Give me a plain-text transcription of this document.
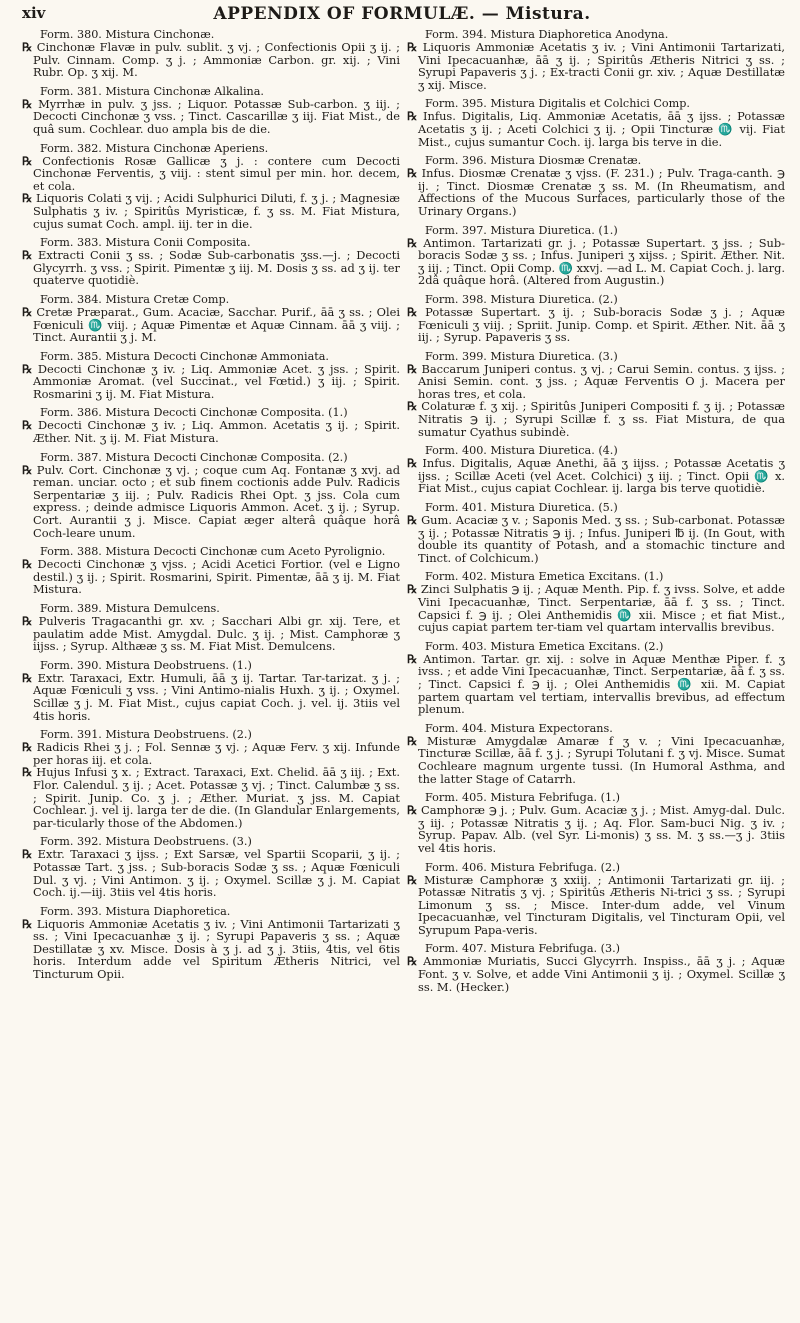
xiv	APPENDIX OF FORMULÆ. — Mistura.
Form. 380. Mistura Cinchonæ.
℞ Cinchonæ Flavæ in pulv. sublit. ʒ vj. ; Confectionis Opii ʒ ij. ; Pulv. Cinnam. Comp. ʒ j. ; Ammoniæ Carbon. gr. xij. ; Vini Rubr. Op. ʒ xij. M.
Form. 381. Mistura Cinchonæ Alkalina.
℞ Myrrhæ in pulv. ʒ jss. ; Liquor. Potassæ Sub-carbon. ʒ iij. ; Decocti Cinchonæ ʒ vss. ; Tinct. Cascarillæ ʒ iij. Fiat Mist., de quâ sum. Cochlear. duo ampla bis de die.
Form. 382. Mistura Cinchonæ Aperiens.
℞ Confectionis Rosæ Gallicæ ʒ j. : contere cum Decocti Cinchonæ Ferventis, ʒ viij. : stent simul per min. hor. decem, et cola.
℞ Liquoris Colati ʒ vij. ; Acidi Sulphurici Diluti, f. ʒ j. ; Magnesiæ Sulphatis ʒ iv. ; Spiritûs Myristicæ, f. ʒ ss. M. Fiat Mistura, cujus sumat Coch. ampl. iij. ter in die.
Form. 383. Mistura Conii Composita.
℞ Extracti Conii ʒ ss. ; Sodæ Sub-carbonatis ʒss.—j. ; Decocti Glycyrrh. ʒ vss. ; Spirit. Pimentæ ʒ iij. M. Dosis ʒ ss. ad ʒ ij. ter quaterve quotidiè.
Form. 384. Mistura Cretæ Comp.
℞ Cretæ Præparat., Gum. Acaciæ, Sacchar. Purif., āā ʒ ss. ; Olei Fœniculi ♏ viij. ; Aquæ Pimentæ et Aquæ Cinnam. āā ʒ viij. ; Tinct. Aurantii ʒ j. M.
Form. 385. Mistura Decocti Cinchonæ Ammoniata.
℞ Decocti Cinchonæ ʒ iv. ; Liq. Ammoniæ Acet. ʒ jss. ; Spirit. Ammoniæ Aromat. (vel Succinat., vel Fœtid.) ʒ iij. ; Spirit. Rosmarini ʒ ij. M. Fiat Mistura.
Form. 386. Mistura Decocti Cinchonæ Composita. (1.)
℞ Decocti Cinchonæ ʒ iv. ; Liq. Ammon. Acetatis ʒ ij. ; Spirit. Æther. Nit. ʒ ij. M. Fiat Mistura.
Form. 387. Mistura Decocti Cinchonæ Composita. (2.)
℞ Pulv. Cort. Cinchonæ ʒ vj. ; coque cum Aq. Fontanæ ʒ xvj. ad reman. unciar. octo ; et sub finem coctionis adde Pulv. Radicis Serpentariæ ʒ iij. ; Pulv. Radicis Rhei Opt. ʒ jss. Cola cum express. ; deinde admisce Liquoris Ammon. Acet. ʒ ij. ; Syrup. Cort. Aurantii ʒ j. Misce. Capiat æger alterâ quâque horâ Coch-leare unum.
Form. 388. Mistura Decocti Cinchonæ cum Aceto Pyrolignio.
℞ Decocti Cinchonæ ʒ vjss. ; Acidi Acetici Fortior. (vel e Ligno destil.) ʒ ij. ; Spirit. Rosmarini, Spirit. Pimentæ, āā ʒ ij. M. Fiat Mistura.
Form. 389. Mistura Demulcens.
℞ Pulveris Tragacanthi gr. xv. ; Sacchari Albi gr. xij. Tere, et paulatim adde Mist. Amygdal. Dulc. ʒ ij. ; Mist. Camphoræ ʒ iijss. ; Syrup. Althææ ʒ ss. M. Fiat Mist. Demulcens.
Form. 390. Mistura Deobstruens. (1.)
℞ Extr. Taraxaci, Extr. Humuli, āā ʒ ij. Tartar. Tar-tarizat. ʒ j. ; Aquæ Fœniculi ʒ vss. ; Vini Antimo-nialis Huxh. ʒ ij. ; Oxymel. Scillæ ʒ j. M. Fiat Mist., cujus capiat Coch. j. vel. ij. 3tiis vel 4tis horis.
Form. 391. Mistura Deobstruens. (2.)
℞ Radicis Rhei ʒ j. ; Fol. Sennæ ʒ vj. ; Aquæ Ferv. ʒ xij. Infunde per horas iij. et cola.
℞ Hujus Infusi ʒ x. ; Extract. Taraxaci, Ext. Chelid. āā ʒ iij. ; Ext. Flor. Calendul. ʒ ij. ; Acet. Potassæ ʒ vj. ; Tinct. Calumbæ ʒ ss. ; Spirit. Junip. Co. ʒ j. ; Æther. Muriat. ʒ jss. M. Capiat Cochlear. j. vel ij. larga ter de die. (In Glandular Enlargements, par-ticularly those of the Abdomen.)
Form. 392. Mistura Deobstruens. (3.)
℞ Extr. Taraxaci ʒ ijss. ; Ext Sarsæ, vel Spartii Scoparii, ʒ ij. ; Potassæ Tart. ʒ jss. ; Sub-boracis Sodæ ʒ ss. ; Aquæ Fœniculi Dul. ʒ vj. ; Vini Antimon. ʒ ij. ; Oxymel. Scillæ ʒ j. M. Capiat Coch. ij.—iij. 3tiis vel 4tis horis.
Form. 393. Mistura Diaphoretica.
℞ Liquoris Ammoniæ Acetatis ʒ iv. ; Vini Antimonii Tartarizati ʒ ss. ; Vini Ipecacuanhæ ʒ ij. ; Syrupi Papaveris ʒ ss. ; Aquæ Destillatæ ʒ xv. Misce. Dosis à ʒ j. ad ʒ j. 3tiis, 4tis, vel 6tis horis. Interdum adde vel Spiritum Ætheris Nitrici, vel Tincturum Opii.
Form. 394. Mistura Diaphoretica Anodyna.
℞ Liquoris Ammoniæ Acetatis ʒ iv. ; Vini Antimonii Tartarizati, Vini Ipecacuanhæ, āā ʒ ij. ; Spiritûs Ætheris Nitrici ʒ ss. ; Syrupi Papaveris ʒ j. ; Ex-tracti Conii gr. xiv. ; Aquæ Destillatæ ʒ xij. Misce.
Form. 395. Mistura Digitalis et Colchici Comp.
℞ Infus. Digitalis, Liq. Ammoniæ Acetatis, āā ʒ ijss. ; Potassæ Acetatis ʒ ij. ; Aceti Colchici ʒ ij. ; Opii Tincturæ ♏ vij. Fiat Mist., cujus sumantur Coch. ij. larga bis terve in die.
Form. 396. Mistura Diosmæ Crenatæ.
℞ Infus. Diosmæ Crenatæ ʒ vjss. (F. 231.) ; Pulv. Traga-canth. ℈ ij. ; Tinct. Diosmæ Crenatæ ʒ ss. M. (In Rheumatism, and Affections of the Mucous Surfaces, particularly those of the Urinary Organs.)
Form. 397. Mistura Diuretica. (1.)
℞ Antimon. Tartarizati gr. j. ; Potassæ Supertart. ʒ jss. ; Sub-boracis Sodæ ʒ ss. ; Infus. Juniperi ʒ xijss. ; Spirit. Æther. Nit. ʒ iij. ; Tinct. Opii Comp. ♏ xxvj. —ad L. M. Capiat Coch. j. larg. 2dâ quâque horâ. (Altered from Augustin.)
Form. 398. Mistura Diuretica. (2.)
℞ Potassæ Supertart. ʒ ij. ; Sub-boracis Sodæ ʒ j. ; Aquæ Fœniculi ʒ viij. ; Spriit. Junip. Comp. et Spirit. Æther. Nit. āā ʒ iij. ; Syrup. Papaveris ʒ ss.
Form. 399. Mistura Diuretica. (3.)
℞ Baccarum Juniperi contus. ʒ vj. ; Carui Semin. contus. ʒ ijss. ; Anisi Semin. cont. ʒ jss. ; Aquæ Ferventis O j. Macera per horas tres, et cola.
℞ Colaturæ f. ʒ xij. ; Spiritûs Juniperi Compositi f. ʒ ij. ; Potassæ Nitratis ℈ ij. ; Syrupi Scillæ f. ʒ ss. Fiat Mistura, de qua sumatur Cyathus subindè.
Form. 400. Mistura Diuretica. (4.)
℞ Infus. Digitalis, Aquæ Anethi, āā ʒ iijss. ; Potassæ Acetatis ʒ ijss. ; Scillæ Aceti (vel Acet. Colchici) ʒ iij. ; Tinct. Opii ♏ x. Fiat Mist., cujus capiat Cochlear. ij. larga bis terve quotidiè.
Form. 401. Mistura Diuretica. (5.)
℞ Gum. Acaciæ ʒ v. ; Saponis Med. ʒ ss. ; Sub-carbonat. Potassæ ʒ ij. ; Potassæ Nitratis ℈ ij. ; Infus. Juniperi ℔ ij. (In Gout, with double its quantity of Potash, and a stomachic tincture and Tinct. of Colchicum.)
Form. 402. Mistura Emetica Excitans. (1.)
℞ Zinci Sulphatis ℈ ij. ; Aquæ Menth. Pip. f. ʒ ivss. Solve, et adde Vini Ipecacuanhæ, Tinct. Serpentariæ, āā f. ʒ ss. ; Tinct. Capsici f. ℈ ij. ; Olei Anthemidis ♏ xii. Misce ; et fiat Mist., cujus capiat partem ter-tiam vel quartam intervallis brevibus.
Form. 403. Mistura Emetica Excitans. (2.)
℞ Antimon. Tartar. gr. xij. : solve in Aquæ Menthæ Piper. f. ʒ ivss. ; et adde Vini Ipecacuanhæ, Tinct. Serpentariæ, āā f. ʒ ss. ; Tinct. Capsici f. ℈ ij. ; Olei Anthemidis ♏ xii. M. Capiat partem quartam vel tertiam, intervallis brevibus, ad effectum plenum.
Form. 404. Mistura Expectorans.
℞ Misturæ Amygdalæ Amaræ f ʒ v. ; Vini Ipecacuanhæ, Tincturæ Scillæ, āā f. ʒ j. ; Syrupi Tolutani f. ʒ vj. Misce. Sumat Cochleare magnum urgente tussi. (In Humoral Asthma, and the latter Stage of Catarrh.
Form. 405. Mistura Febrifuga. (1.)
℞ Camphoræ ℈ j. ; Pulv. Gum. Acaciæ ʒ j. ; Mist. Amyg-dal. Dulc. ʒ iij. ; Potassæ Nitratis ʒ ij. ; Aq. Flor. Sam-buci Nig. ʒ iv. ; Syrup. Papav. Alb. (vel Syr. Li-monis) ʒ ss. M. ʒ ss.—ʒ j. 3tiis vel 4tis horis.
Form. 406. Mistura Febrifuga. (2.)
℞ Misturæ Camphoræ ʒ xxiij. ; Antimonii Tartarizati gr. iij. ; Potassæ Nitratis ʒ vj. ; Spiritûs Ætheris Ni-trici ʒ ss. ; Syrupi Limonum ʒ ss. ; Misce. Inter-dum adde, vel Vinum Ipecacuanhæ, vel Tincturam Digitalis, vel Tincturam Opii, vel Syrupum Papa-veris.
Form. 407. Mistura Febrifuga. (3.)
℞ Ammoniæ Muriatis, Succi Glycyrrh. Inspiss., āā ʒ j. ; Aquæ Font. ʒ v. Solve, et adde Vini Antimonii ʒ ij. ; Oxymel. Scillæ ʒ ss. M. (Hecker.)
